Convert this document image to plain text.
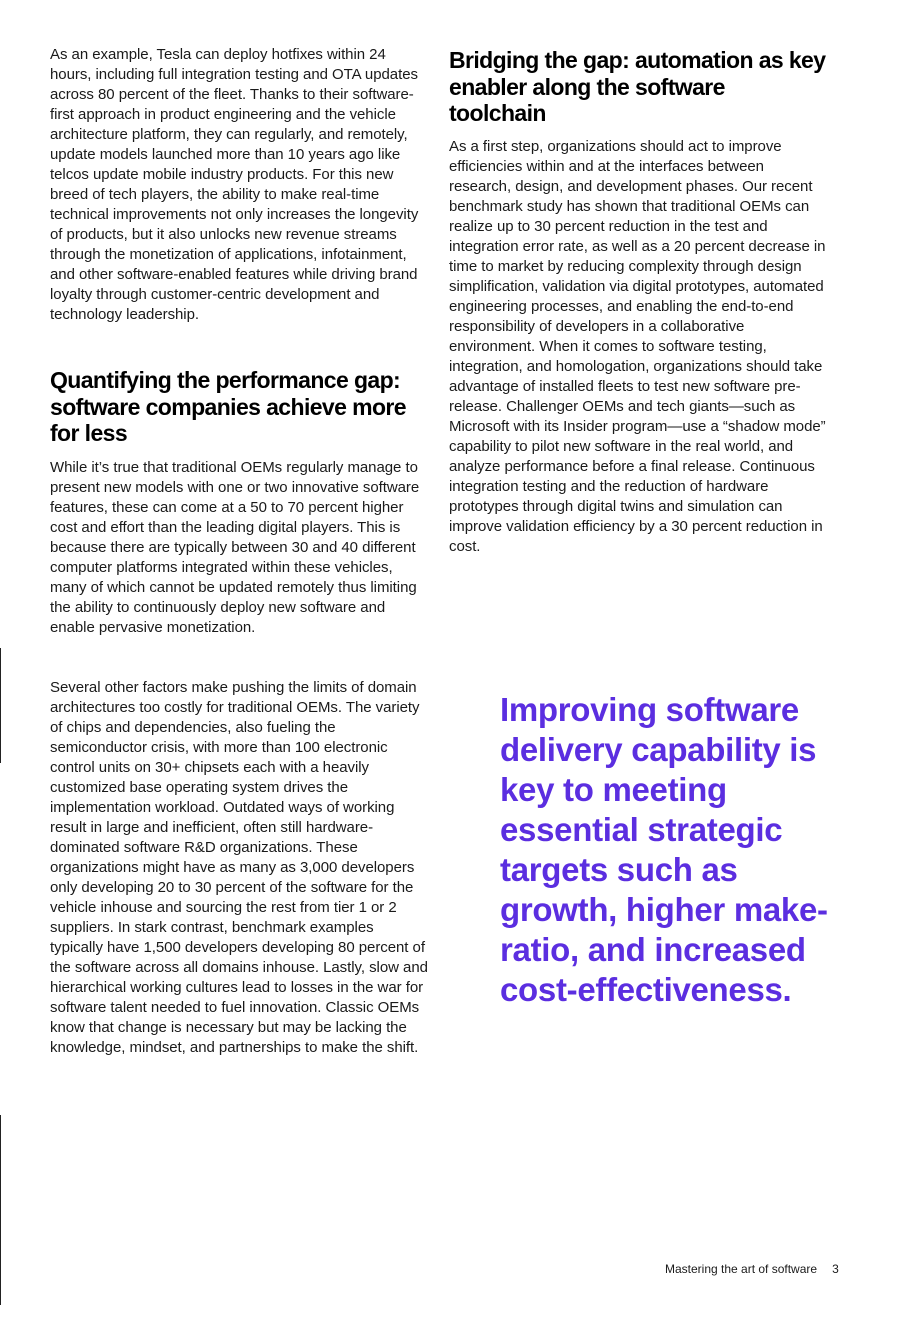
As an example, Tesla can deploy hotfixes within 24 hours, including full integration testing and OTA updates across 80 percent of the fleet. Thanks to their software-first approach in product engineering and the vehicle architecture platform, they can regularly, and remotely, update models launched more than 10 years ago like telcos update mobile industry products. For this new breed of tech players, the ability to make real-time technical improvements not only increases the longevity of products, but it also unlocks new revenue streams through the monetization of applications, infotainment, and other software-enabled features while driving brand loyalty through customer-centric development and technology leadership.

Quantifying the performance gap: software companies achieve more for less

While it’s true that traditional OEMs regularly manage to present new models with one or two innovative software features, these can come at a 50 to 70 percent higher cost and effort than the leading digital players. This is because there are typically between 30 and 40 different computer platforms integrated within these vehicles, many of which cannot be updated remotely thus limiting the ability to continuously deploy new software and enable pervasive monetization.

Several other factors make pushing the limits of domain architectures too costly for traditional OEMs. The variety of chips and dependencies, also fueling the semiconductor crisis, with more than 100 electronic control units on 30+ chipsets each with a heavily customized base operating system drives the implementation workload. Outdated ways of working result in large and inefficient, often still hardware-dominated software R&D organizations. These organizations might have as many as 3,000 developers only developing 20 to 30 percent of the software for the vehicle inhouse and sourcing the rest from tier 1 or 2 suppliers. In stark contrast, benchmark examples typically have 1,500 developers developing 80 percent of the software across all domains inhouse. Lastly, slow and hierarchical working cultures lead to losses in the war for software talent needed to fuel innovation. Classic OEMs know that change is necessary but may be lacking the knowledge, mindset, and partnerships to make the shift.

Bridging the gap: automation as key enabler along the software toolchain

As a first step, organizations should act to improve efficiencies within and at the interfaces between research, design, and development phases. Our recent benchmark study has shown that traditional OEMs can realize up to 30 percent reduction in the test and integration error rate, as well as a 20 percent decrease in time to market by reducing complexity through design simplification, validation via digital prototypes, automated engineering processes, and enabling the end-to-end responsibility of developers in a collaborative environment. When it comes to software testing, integration, and homologation, organizations should take advantage of installed fleets to test new software pre-release. Challenger OEMs and tech giants—such as Microsoft with its Insider program—use a “shadow mode” capability to pilot new software in the real world, and analyze performance before a final release. Continuous integration testing and the reduction of hardware prototypes through digital twins and simulation can improve validation efficiency by a 30 percent reduction in cost.

Improving software delivery capability is key to meeting essential strategic targets such as growth, higher make-ratio, and increased cost-effectiveness.

Mastering the art of software 3
